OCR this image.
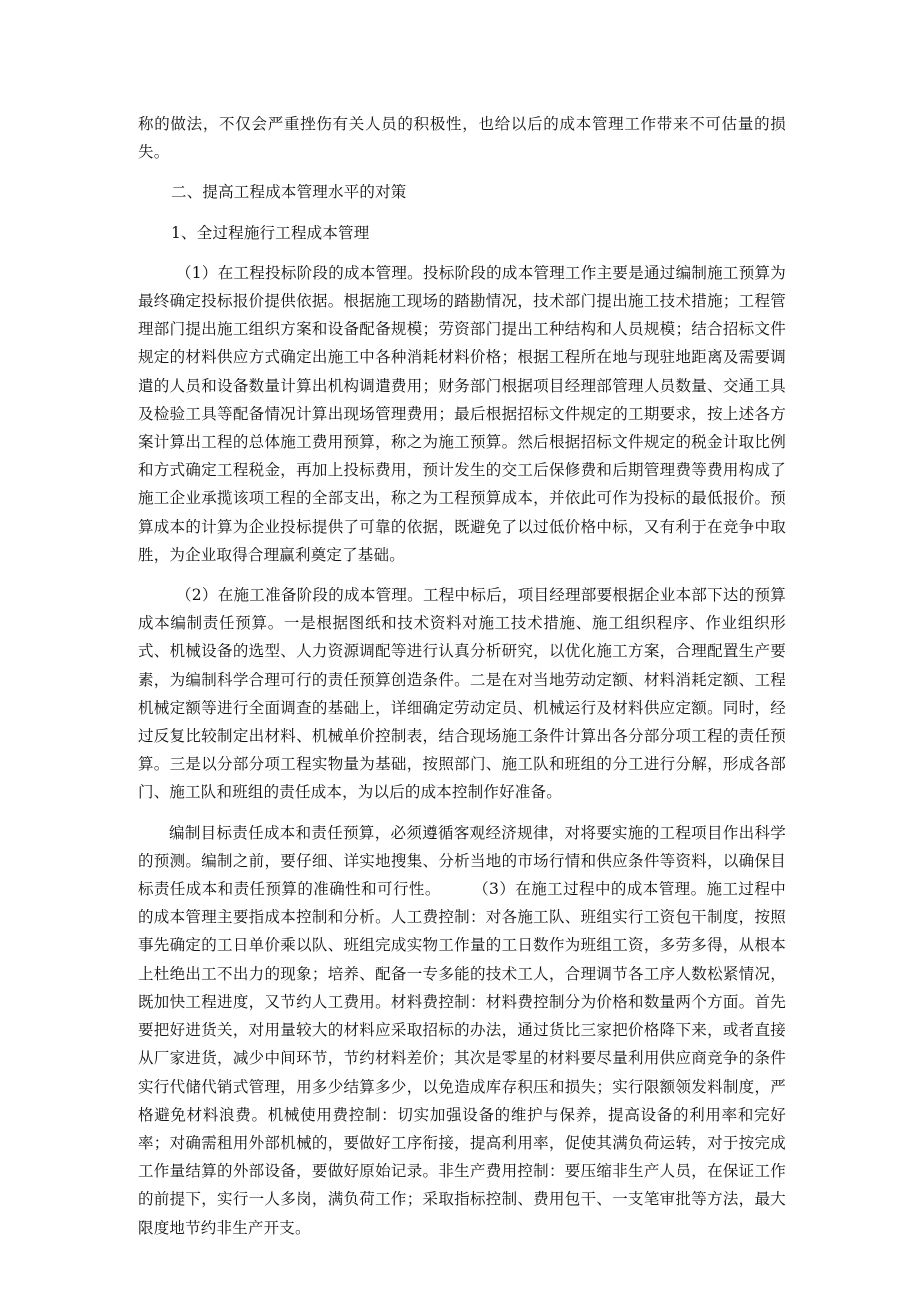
称的做法，不仅会严重挫伤有关人员的积极性，也给以后的成本管理工作带来不可估量的损失。

二、提高工程成本管理水平的对策

1、全过程施行工程成本管理

（1）在工程投标阶段的成本管理。投标阶段的成本管理工作主要是通过编制施工预算为最终确定投标报价提供依据。根据施工现场的踏勘情况，技术部门提出施工技术措施；工程管理部门提出施工组织方案和设备配备规模；劳资部门提出工种结构和人员规模；结合招标文件规定的材料供应方式确定出施工中各种消耗材料价格；根据工程所在地与现驻地距离及需要调遣的人员和设备数量计算出机构调遣费用；财务部门根据项目经理部管理人员数量、交通工具及检验工具等配备情况计算出现场管理费用；最后根据招标文件规定的工期要求，按上述各方案计算出工程的总体施工费用预算，称之为施工预算。然后根据招标文件规定的税金计取比例和方式确定工程税金，再加上投标费用，预计发生的交工后保修费和后期管理费等费用构成了施工企业承揽该项工程的全部支出，称之为工程预算成本，并依此可作为投标的最低报价。预算成本的计算为企业投标提供了可靠的依据，既避免了以过低价格中标，又有利于在竞争中取胜，为企业取得合理赢利奠定了基础。

（2）在施工准备阶段的成本管理。工程中标后，项目经理部要根据企业本部下达的预算成本编制责任预算。一是根据图纸和技术资料对施工技术措施、施工组织程序、作业组织形式、机械设备的选型、人力资源调配等进行认真分析研究，以优化施工方案，合理配置生产要素，为编制科学合理可行的责任预算创造条件。二是在对当地劳动定额、材料消耗定额、工程机械定额等进行全面调查的基础上，详细确定劳动定员、机械运行及材料供应定额。同时，经过反复比较制定出材料、机械单价控制表，结合现场施工条件计算出各分部分项工程的责任预算。三是以分部分项工程实物量为基础，按照部门、施工队和班组的分工进行分解，形成各部门、施工队和班组的责任成本，为以后的成本控制作好准备。

编制目标责任成本和责任预算，必须遵循客观经济规律，对将要实施的工程项目作出科学的预测。编制之前，要仔细、详实地搜集、分析当地的市场行情和供应条件等资料，以确保目标责任成本和责任预算的准确性和可行性。　　　（3）在施工过程中的成本管理。施工过程中的成本管理主要指成本控制和分析。人工费控制：对各施工队、班组实行工资包干制度，按照事先确定的工日单价乘以队、班组完成实物工作量的工日数作为班组工资，多劳多得，从根本上杜绝出工不出力的现象；培养、配备一专多能的技术工人，合理调节各工序人数松紧情况，既加快工程进度，又节约人工费用。材料费控制：材料费控制分为价格和数量两个方面。首先要把好进货关，对用量较大的材料应采取招标的办法，通过货比三家把价格降下来，或者直接从厂家进货，减少中间环节，节约材料差价；其次是零星的材料要尽量利用供应商竞争的条件实行代储代销式管理，用多少结算多少，以免造成库存积压和损失；实行限额领发料制度，严格避免材料浪费。机械使用费控制：切实加强设备的维护与保养，提高设备的利用率和完好率；对确需租用外部机械的，要做好工序衔接，提高利用率，促使其满负荷运转，对于按完成工作量结算的外部设备，要做好原始记录。非生产费用控制：要压缩非生产人员，在保证工作的前提下，实行一人多岗，满负荷工作；采取指标控制、费用包干、一支笔审批等方法，最大限度地节约非生产开支。
